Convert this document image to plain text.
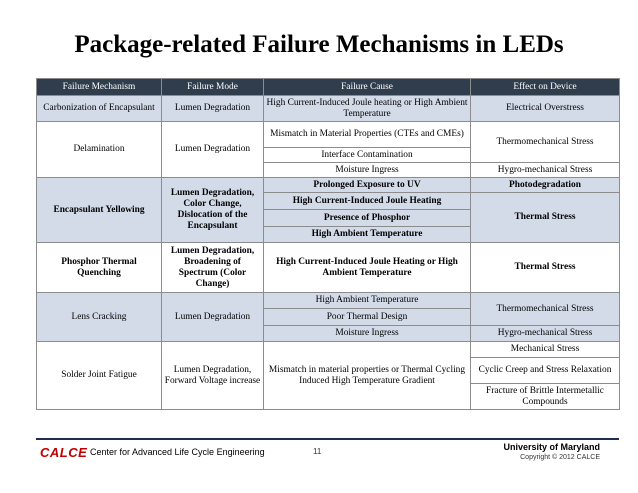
Package-related Failure Mechanisms in LEDs
Failure Mechanism	Failure Mode	Failure Cause	Effect on Device
Carbonization of Encapsulant	Lumen Degradation	High Current-Induced Joule heating or High Ambient Temperature	Electrical Overstress
Delamination	Lumen Degradation	Mismatch in Material Properties (CTEs and CMEs)	Thermomechanical Stress
		Interface Contamination	
		Moisture Ingress	Hygro-mechanical Stress
Encapsulant Yellowing	Lumen Degradation, Color Change, Dislocation of the Encapsulant	Prolonged Exposure to UV	Photodegradation
		High Current-Induced Joule Heating	Thermal Stress
		Presence of Phosphor	
		High Ambient Temperature	
Phosphor Thermal Quenching	Lumen Degradation, Broadening of Spectrum (Color Change)	High Current-Induced Joule Heating or High Ambient Temperature	Thermal Stress
Lens Cracking	Lumen Degradation	High Ambient Temperature	Thermomechanical Stress
		Poor Thermal Design	
		Moisture Ingress	Hygro-mechanical Stress
Solder Joint Fatigue	Lumen Degradation, Forward Voltage increase	Mismatch in material properties or Thermal Cycling Induced High Temperature Gradient	Mechanical Stress
			Cyclic Creep and Stress Relaxation
			Fracture of Brittle Intermetallic Compounds
CALCE Center for Advanced Life Cycle Engineering	11	University of Maryland
Copyright © 2012 CALCE
